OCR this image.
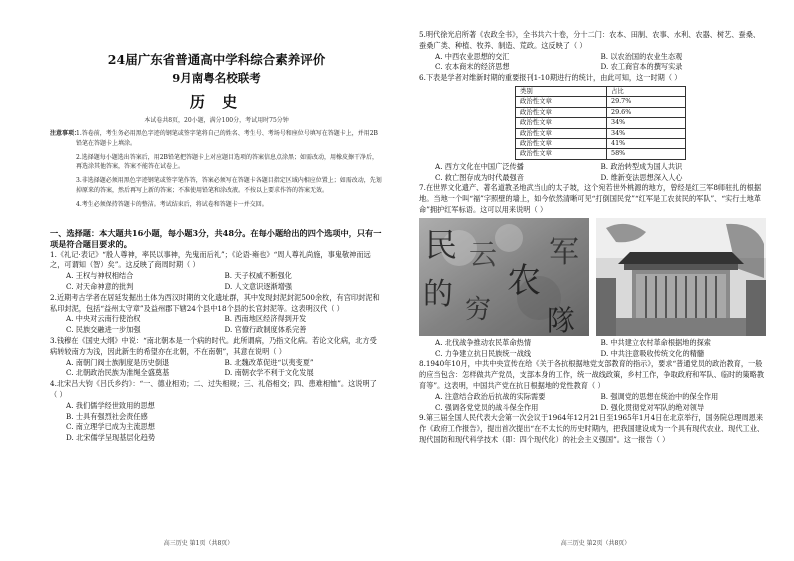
24届广东省普通高中学科综合素养评价
9月南粤名校联考
历 史
本试卷共8页，20小题，满分100分，考试用时75分钟
注意事项：
1.答卷前，考生务必用黑色字迹的钢笔或签字笔将自己的姓名、考生号、考场号和座位号填写在答题卡上，并用2B铅笔在答题卡上填涂。
2.选择题每小题选出答案后，用2B铅笔把答题卡上对应题目选项的答案信息点涂黑；如需改动，用橡皮擦干净后，再选涂其他答案，答案不能答在试卷上。
3.非选择题必须用黑色字迹钢笔或签字笔作答，答案必须写在答题卡各题目指定区域内相应位置上；如需改动，先划掉原来的答案，然后再写上新的答案；不准使用铅笔和涂改液。不按以上要求作答的答案无效。
4.考生必须保持答题卡的整洁。考试结束后，将试卷和答题卡一并交回。
一、选择题：本大题共16小题，每小题3分，共48分。在每小题给出的四个选项中，只有一项是符合题目要求的。
1.《礼记·表记》“殷人尊神，率民以事神，先鬼而后礼”；《论语·雍也》“周人尊礼尚施，事鬼敬神而远之，可谓知（智）矣”。这反映了商周时期（ ）
A. 王权与神权相结合	B. 天子权威不断强化
C. 对天命神意的批判	D. 人文意识逐渐增强
2.近期考古学者在居延发掘出土体为西汉时期的文化遗址群，其中发现封泥封泥500余枚，有宫印封泥和私印封泥，包括“益州太守章”及益州郡下辖24个县中18个县的长官封泥等。这表明汉代（ ）
A. 中央对云南行使治权	B. 西南地区经济得到开发
C. 民族交融进一步加强	D. 官僚行政制度体系完善
3.钱穆在《国史大纲》中说：“南北朝本是一个病的时代。此所谓病，乃指文化病。若论文化病，北方受病转较南方为浅，因此新生的希望亦在北朝，不在南朝”，其意在说明（ ）
A. 南朝门阀士族制度是历史倒退	B. 北魏改革促进“以夷变夏”
C. 北朝政治民族为准绳全盛奠基	D. 南朝衣学不利于文化发展
4.北宋吕大钧《吕氏乡约》：“一、德业相劝；二、过失相规；三、礼俗相交；四、患难相恤”。这说明了（ ）
A. 我们儒学经世致用的思想
B. 士具有强烈社会责任感
C. 南立理学已成为主流思想
D. 北宋儒学呈现基层化趋势
高三历史 第1页（共8页）
5.明代徐光启所著《农政全书》，全书共六十卷，分十二门：农本、田制、农事、水利、农器、树艺、蚕桑、蚕桑广类、种植、牧养、制造、荒政。这反映了（ ）
A. 中西农业思想的交汇	B. 以农治国的农业生态观
C. 农本商末的经济思想	D. 农工商官本的撰写实录
6.下表是学者对维新时期的重要报刊1-10期进行的统计，由此可知，这一时期（ ）
类别	占比
政治性文章	29.7%
政治性文章	29.6%
政治性文章	34%
政治性文章	34%
政治性文章	41%
政治性文章	58%
A. 西方文化在中国广泛传播	B. 政治转型成为国人共识
C. 救亡图存成为时代最强音	D. 维新变法思想深入人心
7.在世界文化遗产、著名道教圣地武当山的太子坡，这个宛若世外桃源的地方，曾经是红三军8师驻扎的根据地。当地一个叫“福”字照壁的墙上，如今依然清晰可见“打倒国民党”“红军是工农贫民的军队”、“实行土地革命”拥护红军标语。这可以用来说明（ ）
民 云
农
军
的 穷 隊
A. 北伐战争推动农民革命热情	B. 中共建立农村革命根据地的探索
C. 力争建立抗日民族统一战线	D. 中共注意吸收传统文化的精髓
8.1940年10月，中共中央宣传在给《关于各抗根据地党支部教育的指示》，要求“普通党员的政治教育，一般的应当包含：怎样做共产党员，支部本身的工作，统一战线政策，乡村工作，争取政府和军队、临时的策略教育等”。这表明，中国共产党在抗日根据地的党性教育（ ）
A. 注意结合政治后抗战的实际需要	B. 强调党的思想在统治中的保全作用
C. 强调各党党员的战斗保全作用	D. 强化贯彻党对军队的绝对领导
9.第三届全国人民代表大会第一次会议于1964年12月21日至1965年1月4日在北京举行，国务院总理周恩来作《政府工作报告》，提出首次提出“在不太长的历史时期内，把我国建设成为一个具有现代农业、现代工业、现代国防和现代科学技术（即：四个现代化）的社会主义强国”。这一报告（ ）
高三历史 第2页（共8页）
